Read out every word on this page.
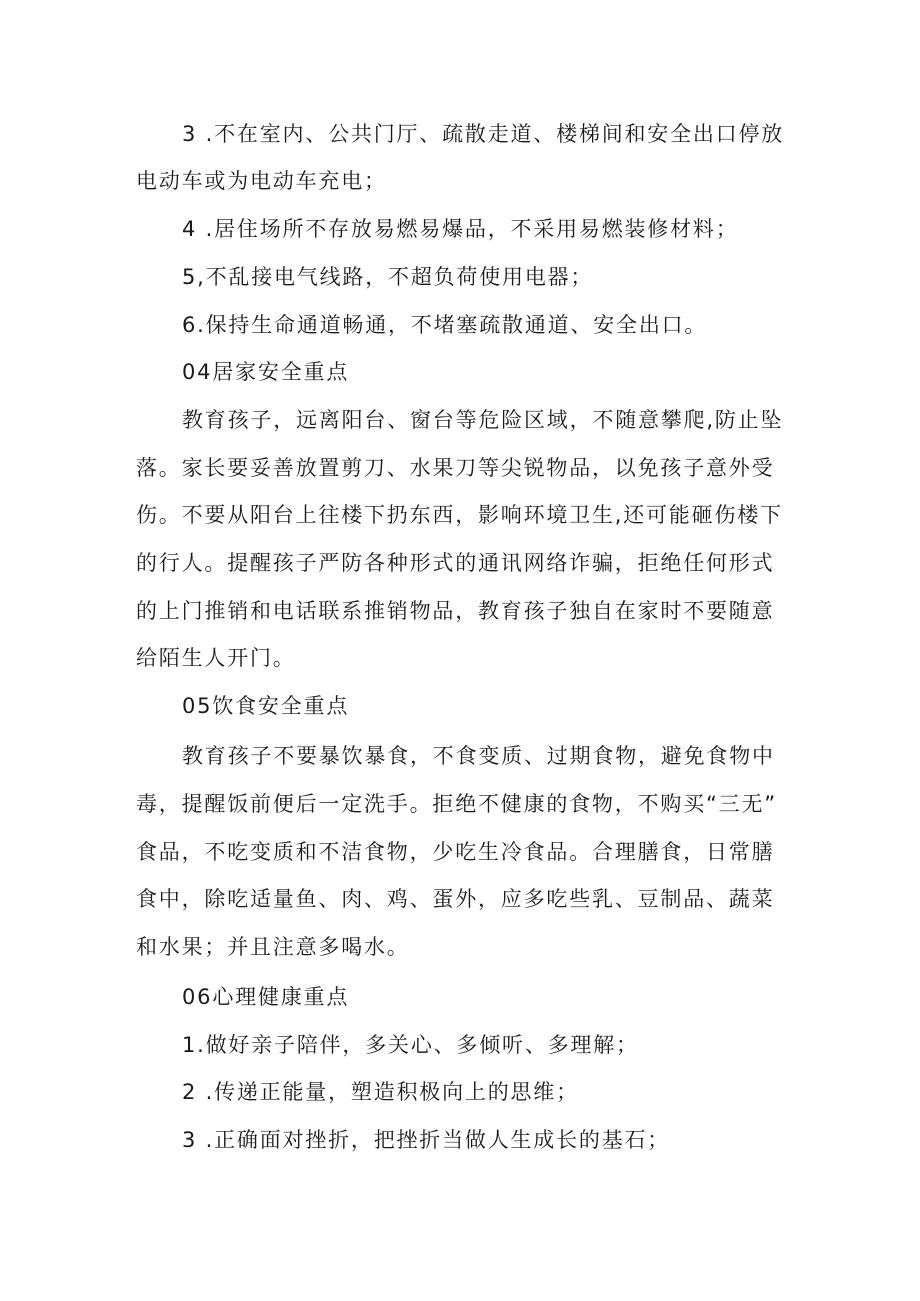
3 .不在室内、公共门厅、疏散走道、楼梯间和安全出口停放
电动车或为电动车充电；
4 .居住场所不存放易燃易爆品，不采用易燃装修材料；
5,不乱接电气线路，不超负荷使用电器；
6.保持生命通道畅通，不堵塞疏散通道、安全出口。
04居家安全重点
教育孩子，远离阳台、窗台等危险区域，不随意攀爬,防止坠
落。家长要妥善放置剪刀、水果刀等尖锐物品，以免孩子意外受
伤。不要从阳台上往楼下扔东西，影响环境卫生,还可能砸伤楼下
的行人。提醒孩子严防各种形式的通讯网络诈骗，拒绝任何形式
的上门推销和电话联系推销物品，教育孩子独自在家时不要随意
给陌生人开门。
05饮食安全重点
教育孩子不要暴饮暴食，不食变质、过期食物，避免食物中
毒，提醒饭前便后一定洗手。拒绝不健康的食物，不购买“三无”
食品，不吃变质和不洁食物，少吃生冷食品。合理膳食，日常膳
食中，除吃适量鱼、肉、鸡、蛋外，应多吃些乳、豆制品、蔬菜
和水果；并且注意多喝水。
06心理健康重点
1.做好亲子陪伴，多关心、多倾听、多理解；
2 .传递正能量，塑造积极向上的思维；
3 .正确面对挫折，把挫折当做人生成长的基石；
